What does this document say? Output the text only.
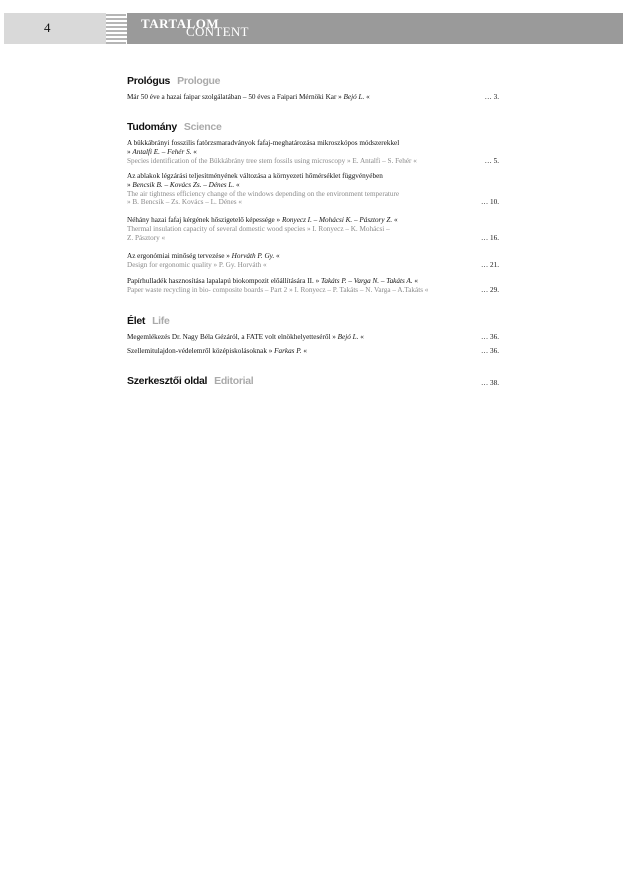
4	TARTALOM
CONTENT
Prológus Prologue
Már 50 éve a hazai faipar szolgálatában – 50 éves a Faipari Mérnöki Kar » Bejó L. «	… 3.
Tudomány Science
A bükkábrányi fosszilis fatörzsmaradványok fafaj-meghatározása mikroszkópos módszerekkel
» Antalfi E. – Fehér S. «
Species identification of the Bükkábrány tree stem fossils using microscopy » E. Antalfi – S. Fehér «	… 5.
Az ablakok légzárási teljesítményének változása a környezeti hőmérséklet függvényében
» Bencsik B. – Kovács Zs. – Dénes L. «
The air tightness efficiency change of the windows depending on the environment temperature
» B. Bencsik – Zs. Kovács – L. Dénes «	… 10.
Néhány hazai fafaj kérgének hőszigetelő képessége » Ronyecz I. – Mohácsi K. – Pásztory Z. «
Thermal insulation capacity of several domestic wood species » I. Ronyecz – K. Mohácsi –
Z. Pásztory «	… 16.
Az ergonómiai minőség tervezése » Horváth P. Gy. «
Design for ergonomic quality » P. Gy. Horváth «	… 21.
Papírhulladék hasznosítása lapalapú biokompozit előállítására II. » Takáts P. – Varga N. – Takáts A. «
Paper waste recycling in bio- composite boards – Part 2 » I. Ronyecz – P. Takáts – N. Varga – A.Takáts «	… 29.
Élet Life
Megemlékezés Dr. Nagy Béla Gézáról, a FATE volt elnökhelyetteséről » Bejó L. «	… 36.
Szellemitulajdon-védelemről középiskolásoknak » Farkas P. «	… 36.
Szerkesztői oldal Editorial	… 38.
